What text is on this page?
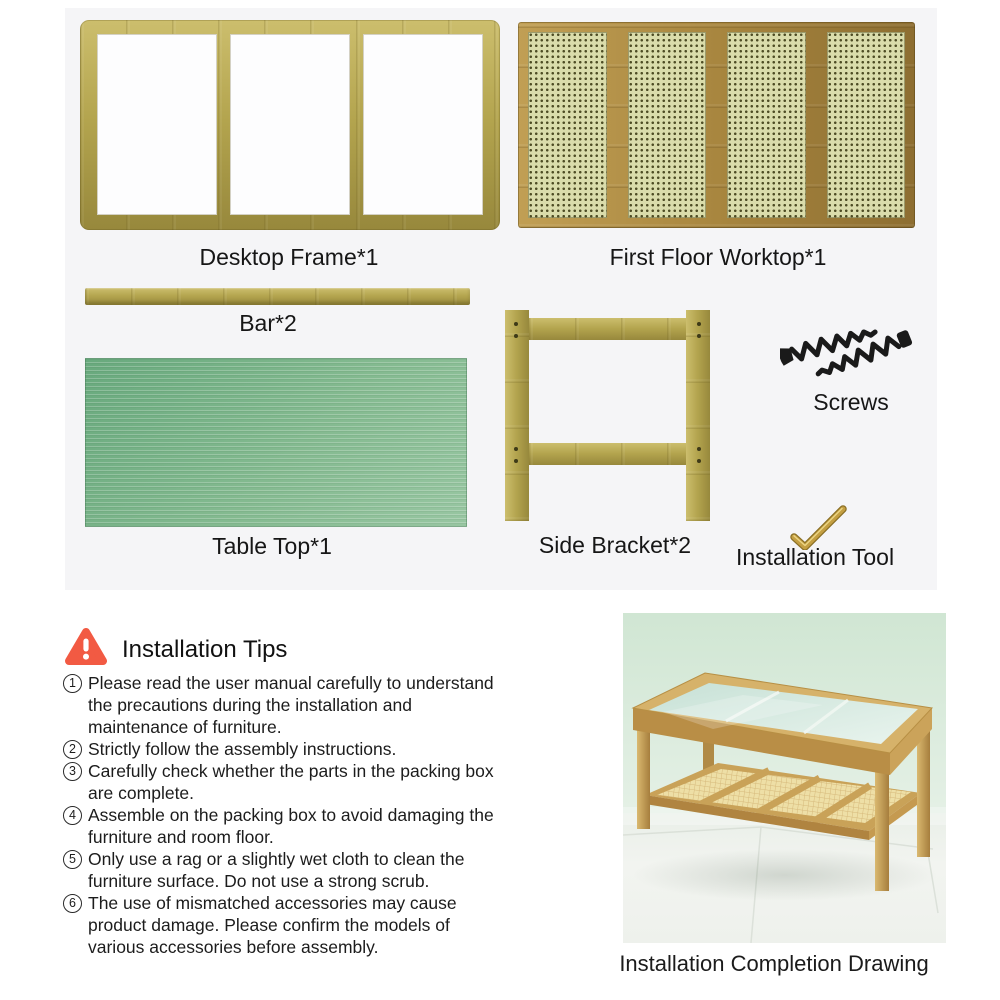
Desktop Frame*1	First Floor Worktop*1
Bar*2
Table Top*1	Side Bracket*2
Screws
Installation Tool
Installation Tips
1 Please read the user manual carefully to understand the precautions during the installation and maintenance of furniture.
2 Strictly follow the assembly instructions.
3 Carefully check whether the parts in the packing box are complete.
4 Assemble on the packing box to avoid damaging the furniture and room floor.
5 Only use a rag or a slightly wet cloth to clean the furniture surface. Do not use a strong scrub.
6 The use of mismatched accessories may cause product damage. Please confirm the models of various accessories before assembly.
Installation Completion Drawing
